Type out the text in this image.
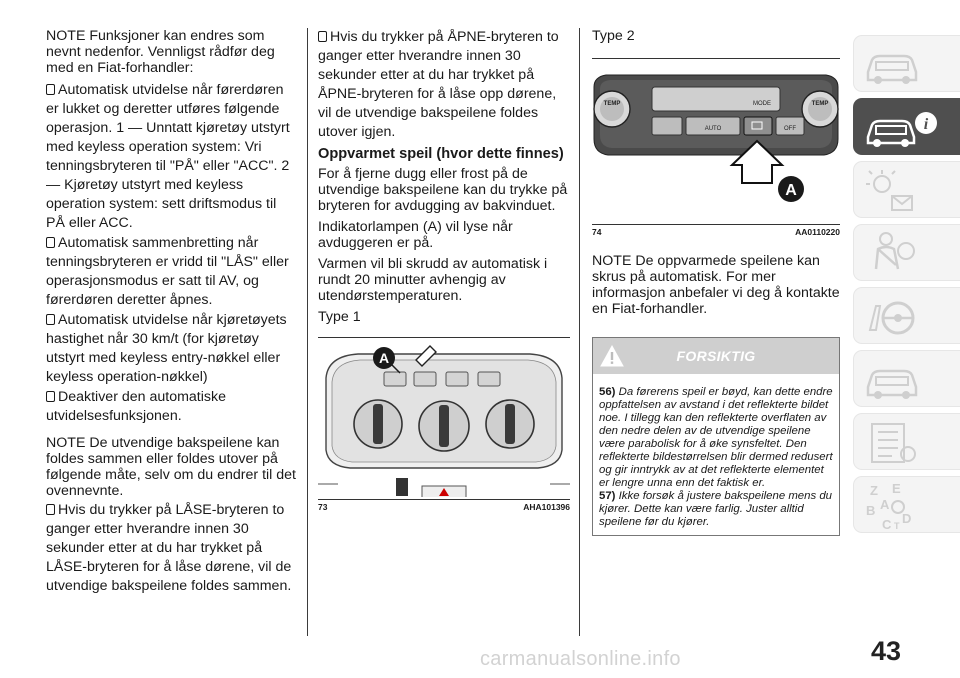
NOTE Funksjoner kan endres som nevnt nedenfor. Vennligst rådfør deg med en Fiat-forhandler:

Automatisk utvidelse når førerdøren er lukket og deretter utføres følgende operasjon. 1 — Unntatt kjøretøy utstyrt med keyless operation system: Vri tenningsbryteren til "PÅ" eller "ACC". 2 — Kjøretøy utstyrt med keyless operation system: sett driftsmodus til PÅ eller ACC.

Automatisk sammenbretting når tenningsbryteren er vridd til "LÅS" eller operasjonsmodus er satt til AV, og førerdøren deretter åpnes.

Automatisk utvidelse når kjøretøyets hastighet når 30 km/t (for kjøretøy utstyrt med keyless entry-nøkkel eller keyless operation-nøkkel)

Deaktiver den automatiske utvidelsesfunksjonen.

NOTE De utvendige bakspeilene kan foldes sammen eller foldes utover på følgende måte, selv om du endrer til det ovennevnte.

Hvis du trykker på LÅSE-bryteren to ganger etter hverandre innen 30 sekunder etter at du har trykket på LÅSE-bryteren for å låse dørene, vil de utvendige bakspeilene foldes sammen.

Hvis du trykker på ÅPNE-bryteren to ganger etter hverandre innen 30 sekunder etter at du har trykket på ÅPNE-bryteren for å låse opp dørene, vil de utvendige bakspeilene foldes utover igjen.

Oppvarmet speil (hvor dette finnes)

For å fjerne dugg eller frost på de utvendige bakspeilene kan du trykke på bryteren for avdugging av bakvinduet.

Indikatorlampen (A) vil lyse når avduggeren er på.

Varmen vil bli skrudd av automatisk i rundt 20 minutter avhengig av utendørstemperaturen.

Type 1

A
73	AHA101396

Type 2

TEMP	TEMP
AUTO
MODE
OFF
A
74	AA0110220

NOTE De oppvarmede speilene kan skrus på automatisk. For mer informasjon anbefaler vi deg å kontakte en Fiat-forhandler.

FORSIKTIG
56) Da førerens speil er bøyd, kan dette endre oppfattelsen av avstand i det reflekterte bildet noe. I tillegg kan den reflekterte overflaten av den nedre delen av de utvendige speilene være parabolisk for å øke synsfeltet. Den reflekterte bildestørrelsen blir dermed redusert og gir inntrykk av at det reflekterte elementet er lengre unna enn det faktisk er.
57) Ikke forsøk å justere bakspeilene mens du kjører. Dette kan være farlig. Juster alltid speilene før du kjører.
i
Z E
A
B
C D
T
43
carmanualsonline.info
